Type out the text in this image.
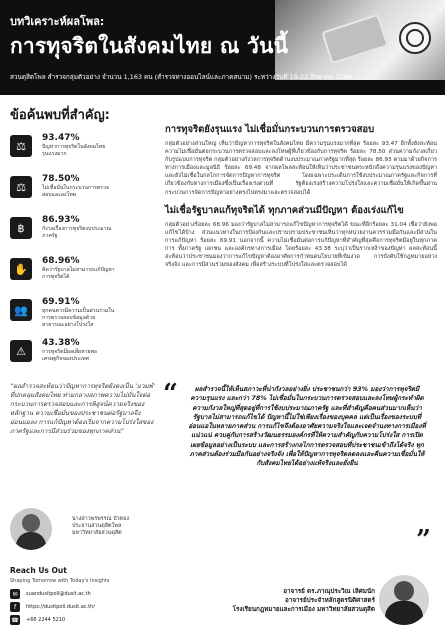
บทวิเคราะห์ผลโพล:
การทุจริตในสังคมไทย ณ วันนี้
สวนดุสิตโพล สำรวจกลุ่มตัวอย่าง จำนวน 1,163 คน (สำรวจทางออนไลน์และภาคสนาม) ระหว่างวันที่ 19-22 สิงหาคม 2568
ข้อค้นพบที่สำคัญ:
⚖
93.47%
ปัญหาการทุจริตในสังคมไทยรุนแรงมาก
⚖
78.50%
ไม่เชื่อมั่นในกระบวนการตรวจสอบและลงโทษ
฿
86.93%
กังวลเรื่องการทุจริตงบประมาณภาครัฐ
✋
68.96%
คิดว่ารัฐบาลไม่สามารถแก้ปัญหาการทุจริตได้
👥
69.91%
ทุกคนควรมีความเป็นส่วนร่วมในการตรวจสอบข้อมูลด้วยสาธารณะอย่างโปร่งใส
⚠
43.38%
การทุจริตมีผลเสียหายต่อเศรษฐกิจของประเทศ
“ผลสำรวจสะท้อนว่าปัญหาการทุจริตยังคงเป็น ‘แวมพ์’ ที่ปกคลุมสังคมไทย ท่ามกลางสภาพความไม่มั่นใจต่อกระบวนการตรวจสอบและการพิสูจน์ความจริงของหลักฐาน ความเชื่อมั่นของประชาชนต่อรัฐบาลจึงอ่อนแอลง การแก้ปัญหาต้องเริ่มจากความโปร่งใสของภาครัฐและการมีส่วนร่วมของทุกภาคส่วน”
นางสาวพรพรรณ บัวทอง
ประธานสวนดุสิตโพล
มหาวิทยาลัยสวนดุสิต
Reach Us Out
Shaping Tomorrow with Today's Insights
✉	suandusitpoll@dusit.ac.th
f	https://dusitpoll.dusit.ac.th/
☎ +66 2244 5210
การทุจริตยังรุนแรง ไม่เชื่อมั่นกระบวนการตรวจสอบ
กลุ่มตัวอย่างส่วนใหญ่ เห็นว่าปัญหาการทุจริตในสังคมไทย มีความรุนแรงมากที่สุด ร้อยละ 93.47 อีกทั้งยังสะท้อนความไม่เชื่อมั่นต่อกระบวนการตรวจสอบและลงโทษผู้ที่เกี่ยวข้องกับการทุจริต ร้อยละ 78.50 ส่วนความกังวลเกี่ยวกับรูปแบบการทุจริต กลุ่มตัวอย่างกังวลการทุจริตด้านงบประมาณภาครัฐมากที่สุด ร้อยละ 86.93 ตามมาด้วยกิจการทางการเมืองและมูลนิธิ ร้อยละ 69.48 จากผลโพลสะท้อนให้เห็นว่าประชาชนตระหนักถึงความรุนแรงของปัญหาและยังไม่เชื่อในกลไกการจัดการปัญหาการทุจริต โดยเฉพาะประเด็นการใช้งบประมาณภาครัฐและกิจการที่เกี่ยวข้องกับทางการเมืองซึ่งเป็นเรื่องเร่งด่วนที่ รัฐต้องเร่งสร้างความโปร่งใสและความเชื่อมั่นให้เกิดขึ้นผ่านกระบวนการจัดการปัญหาอย่างตรงไปตรงมาและตรวจสอบได้
ไม่เชื่อรัฐบาลแก้ทุจริตได้ ทุกภาคส่วนมีปัญหา ต้องเร่งแก้ไข
กลุ่มตัวอย่างร้อยละ 68.96 มองว่ารัฐบาลไม่สามารถแก้ไขปัญหาการทุจริตได้ ขณะที่อีกร้อยละ 31.04 เชื่อว่ายังพอแก้ไขได้บ้าง ส่วนแนวทางในการป้องกันและปราบปรามประชาชนเห็นว่าทุกหน่วยงานควรร่วมมือกันและมีส่วนในการแก้ปัญหา ร้อยละ 69.91 นอกจากนี้ ความไม่เชื่อมั่นต่อการแก้ปัญหาที่สำคัญที่สุดคือการทุจริตมีอยู่ในทุกภาคการ ทั้งภาครัฐ เอกชน และองค์กรทางการเมือง โดยร้อยละ 43.38 ระบุว่าเป็นรากเหง้าของปัญหา ผลสะท้อนนี้สะท้อนว่าประชาชนมองว่าการแก้ไขปัญหาต้องอาศัยการกำหนดนโยบายที่เข้มงวด การบังคับใช้กฎหมายอย่างจริงจัง และการมีส่วนร่วมของสังคม เพื่อสร้างระบบที่โปร่งใสและตรวจสอบได้
“	ผลสำรวจนี้ให้เห็นสภาวะที่น่ากังวลอย่างยิ่ง ประชาชนกว่า 93% มองว่าการทุจริตมีความรุนแรง และกว่า 78% ไม่เชื่อมั่นในกระบวนการตรวจสอบและลงโทษผู้กระทำผิด ความกังวลใหญ่ที่สุดอยู่ที่การใช้งบประมาณภาครัฐ และที่สำคัญคือคนส่วนมากเห็นว่ารัฐบาลไม่สามารถแก้ไขได้ ปัญหานี้ไม่ใช่เพียงเรื่องของบุคคล แต่เป็นเรื่องของระบบที่อ่อนแอในหลายภาคส่วน การแก้ไขจึงต้องอาศัยความจริงใจและเจตจำนงทางการเมืองที่แน่วแน่ ควบคู่กับการสร้างวัฒนธรรมองค์กรที่ให้ความสำคัญกับความโปร่งใส การเปิดเผยข้อมูลอย่างเป็นระบบ และการสร้างกลไกการตรวจสอบที่ประชาชนเข้าถึงได้จริง ทุกภาคส่วนต้องร่วมมือกันอย่างจริงจัง เพื่อให้ปัญหาการทุจริตลดลงและคืนความเชื่อมั่นให้กับสังคมไทยได้อย่างแท้จริงและยั่งยืน
”
อาจารย์ ดร.ภาณุประวิณ เลิศมนัก
อาจารย์ประจำหลักสูตรนิติศาสตร์
โรงเรียนกฎหมายและการเมือง มหาวิทยาลัยสวนดุสิต
